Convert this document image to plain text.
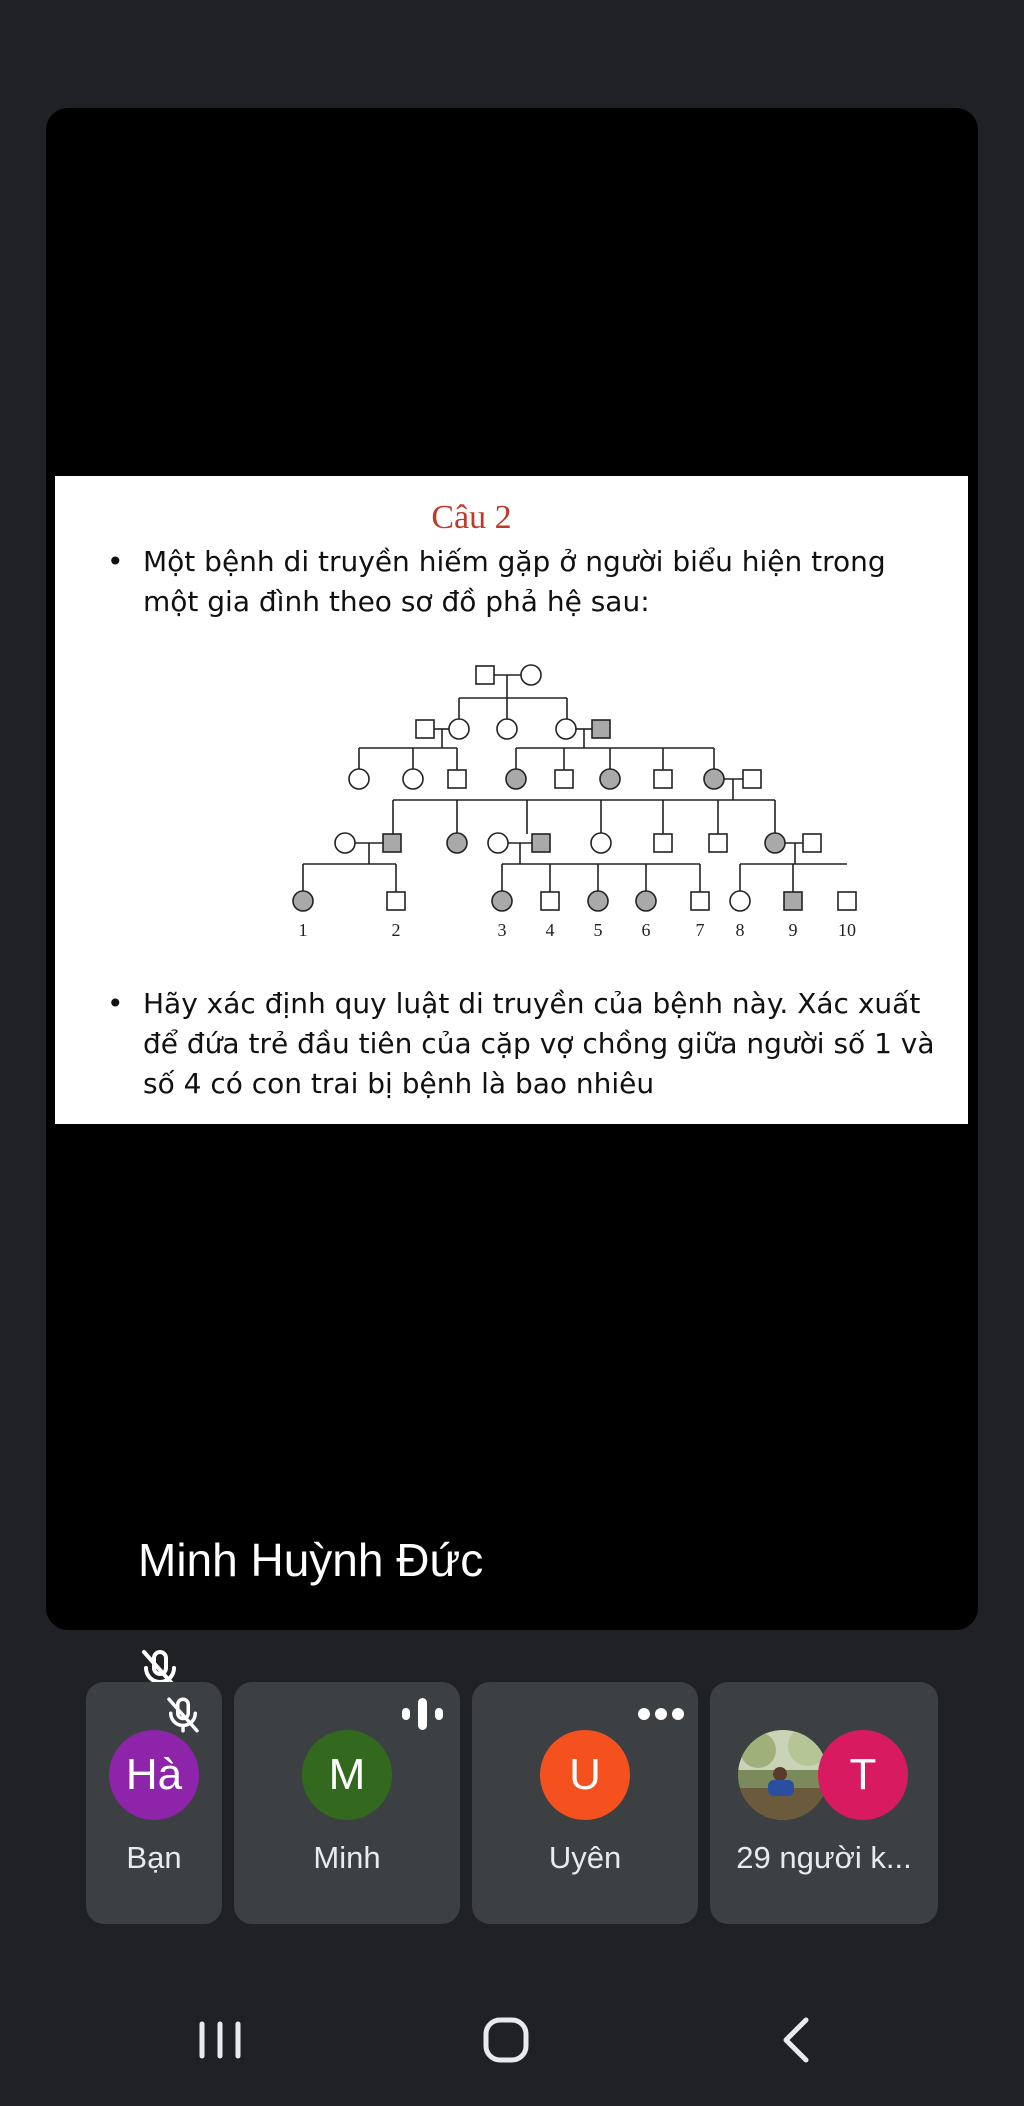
Câu 2
• Một bệnh di truyền hiếm gặp ở người biểu hiện trong một gia đình theo sơ đồ phả hệ sau:
1	2	3 4 5 6	7 8 9 10
• Hãy xác định quy luật di truyền của bệnh này. Xác xuất để đứa trẻ đầu tiên của cặp vợ chồng giữa người số 1 và số 4 có con trai bị bệnh là bao nhiêu
Minh Huỳnh Đức
Hà
Bạn
M
Minh
U
Uyên
T
29 người k...
